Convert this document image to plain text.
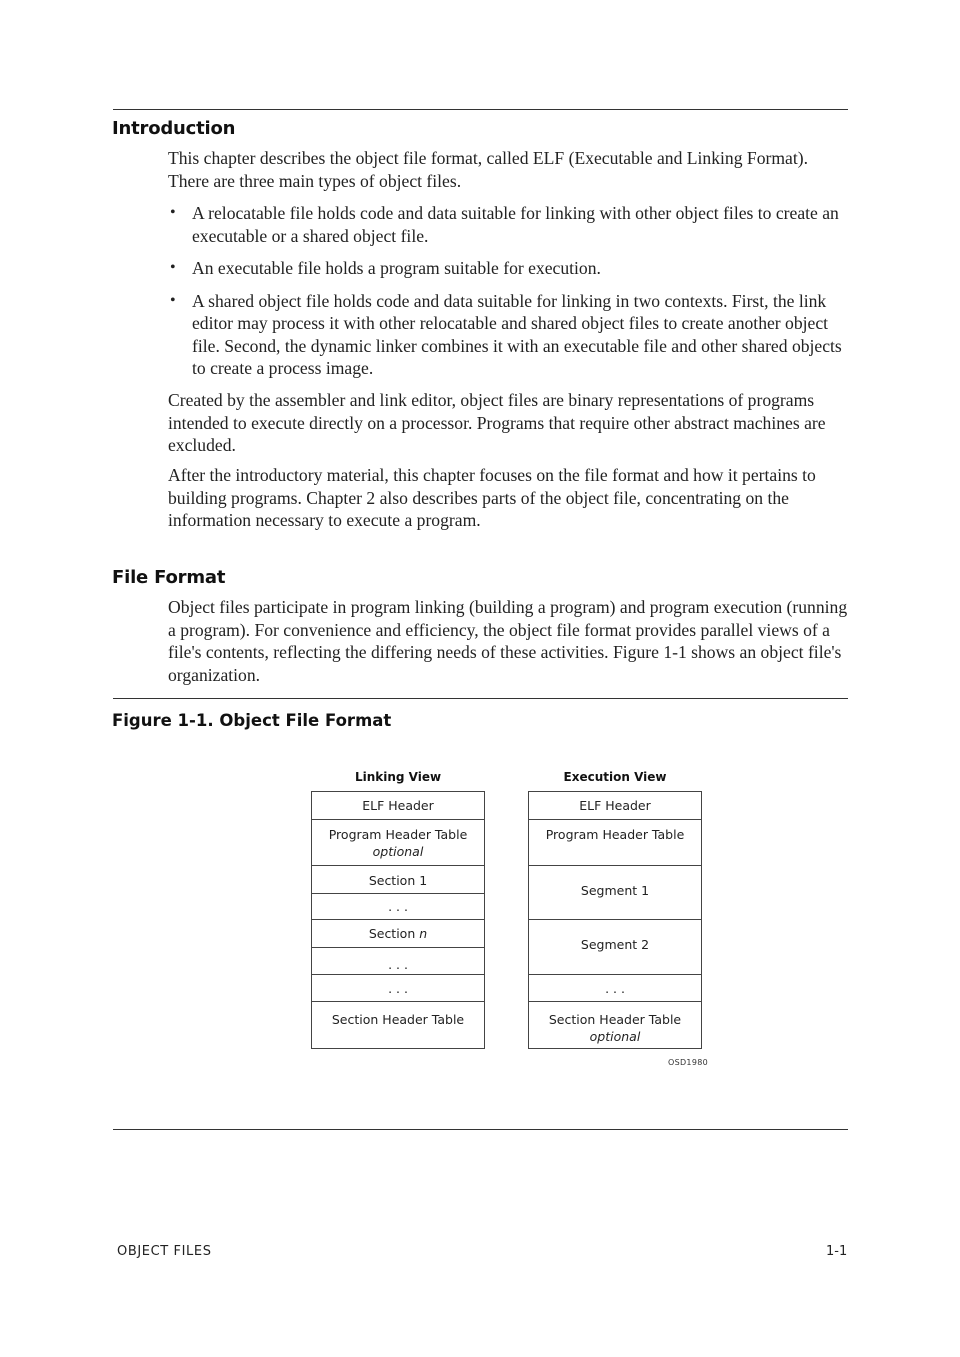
Introduction
This chapter describes the object file format, called ELF (Executable and Linking Format). There are three main types of object files.
• A relocatable file holds code and data suitable for linking with other object files to create an executable or a shared object file.
• An executable file holds a program suitable for execution.
• A shared object file holds code and data suitable for linking in two contexts. First, the link editor may process it with other relocatable and shared object files to create another object file. Second, the dynamic linker combines it with an executable file and other shared objects to create a process image.
Created by the assembler and link editor, object files are binary representations of programs intended to execute directly on a processor. Programs that require other abstract machines are excluded.
After the introductory material, this chapter focuses on the file format and how it pertains to building programs. Chapter 2 also describes parts of the object file, concentrating on the information necessary to execute a program.
File Format
Object files participate in program linking (building a program) and program execution (running a program). For convenience and efficiency, the object file format provides parallel views of a file's contents, reflecting the differing needs of these activities. Figure 1-1 shows an object file's organization.
Figure 1-1. Object File Format
Linking View
ELF Header
Program Header Table
optional
Section 1
. . .
Section n
. . .
. . .
Section Header Table
Execution View
ELF Header
Program Header Table
Segment 1
Segment 2
. . .
Section Header Table
optional
OSD1980
OBJECT FILES	1-1
